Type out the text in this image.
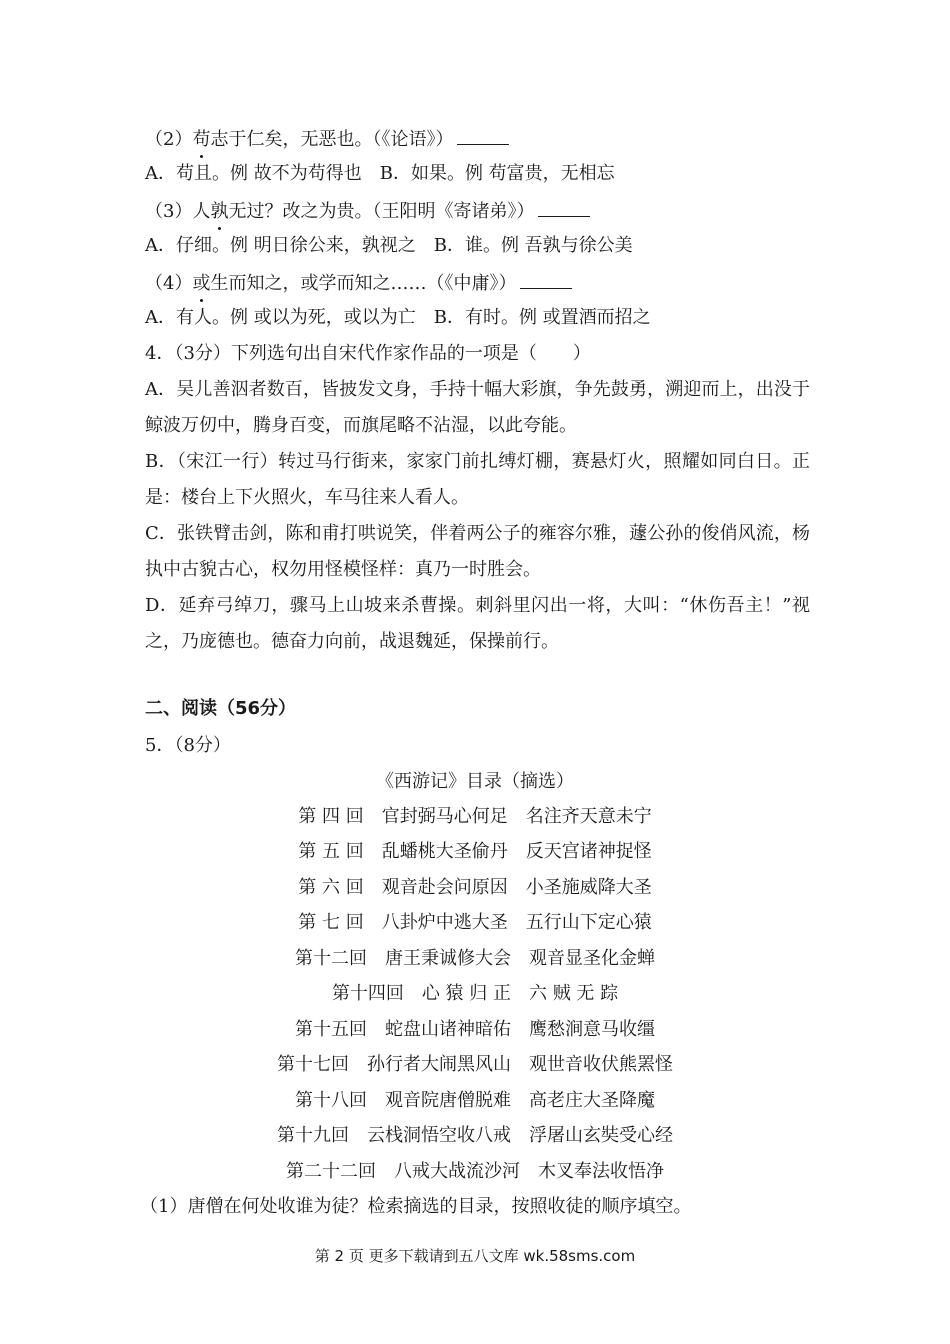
（2）苟志于仁矣，无恶也。（《论语》）
A．苟且。例 故不为苟得也　B．如果。例 苟富贵，无相忘
（3）人孰无过？改之为贵。（王阳明《寄诸弟》）
A．仔细。例 明日徐公来，孰视之　B．谁。例 吾孰与徐公美
（4）或生而知之，或学而知之……（《中庸》）
A．有人。例 或以为死，或以为亡　B．有时。例 或置酒而招之
4．（3分）下列选句出自宋代作家作品的一项是（　　）
A．吴儿善泅者数百，皆披发文身，手持十幅大彩旗，争先鼓勇，溯迎而上，出没于鲸波万仞中，腾身百变，而旗尾略不沾湿，以此夸能。
B．（宋江一行）转过马行街来，家家门前扎缚灯棚，赛悬灯火，照耀如同白日。正是：楼台上下火照火，车马往来人看人。
C．张铁臂击剑，陈和甫打哄说笑，伴着两公子的雍容尔雅，蘧公孙的俊俏风流，杨执中古貌古心，权勿用怪模怪样：真乃一时胜会。
D．延弃弓绰刀，骤马上山坡来杀曹操。刺斜里闪出一将，大叫：“休伤吾主！”视之，乃庞德也。德奋力向前，战退魏延，保操前行。
二、阅读（56分）
5．（8分）
《西游记》目录（摘选）
第 四 回　官封弼马心何足　名注齐天意未宁
第 五 回　乱蟠桃大圣偷丹　反天宫诸神捉怪
第 六 回　观音赴会问原因　小圣施威降大圣
第 七 回　八卦炉中逃大圣　五行山下定心猿
第十二回　唐王秉诚修大会　观音显圣化金蝉
第十四回　心 猿 归 正　六 贼 无 踪
第十五回　蛇盘山诸神暗佑　鹰愁涧意马收缰
第十七回　孙行者大闹黑风山　观世音收伏熊罴怪
第十八回　观音院唐僧脱难　高老庄大圣降魔
第十九回　云栈洞悟空收八戒　浮屠山玄奘受心经
第二十二回　八戒大战流沙河　木叉奉法收悟净
（1）唐僧在何处收谁为徒？检索摘选的目录，按照收徒的顺序填空。
第 2 页 更多下载请到五八文库 wk.58sms.com
